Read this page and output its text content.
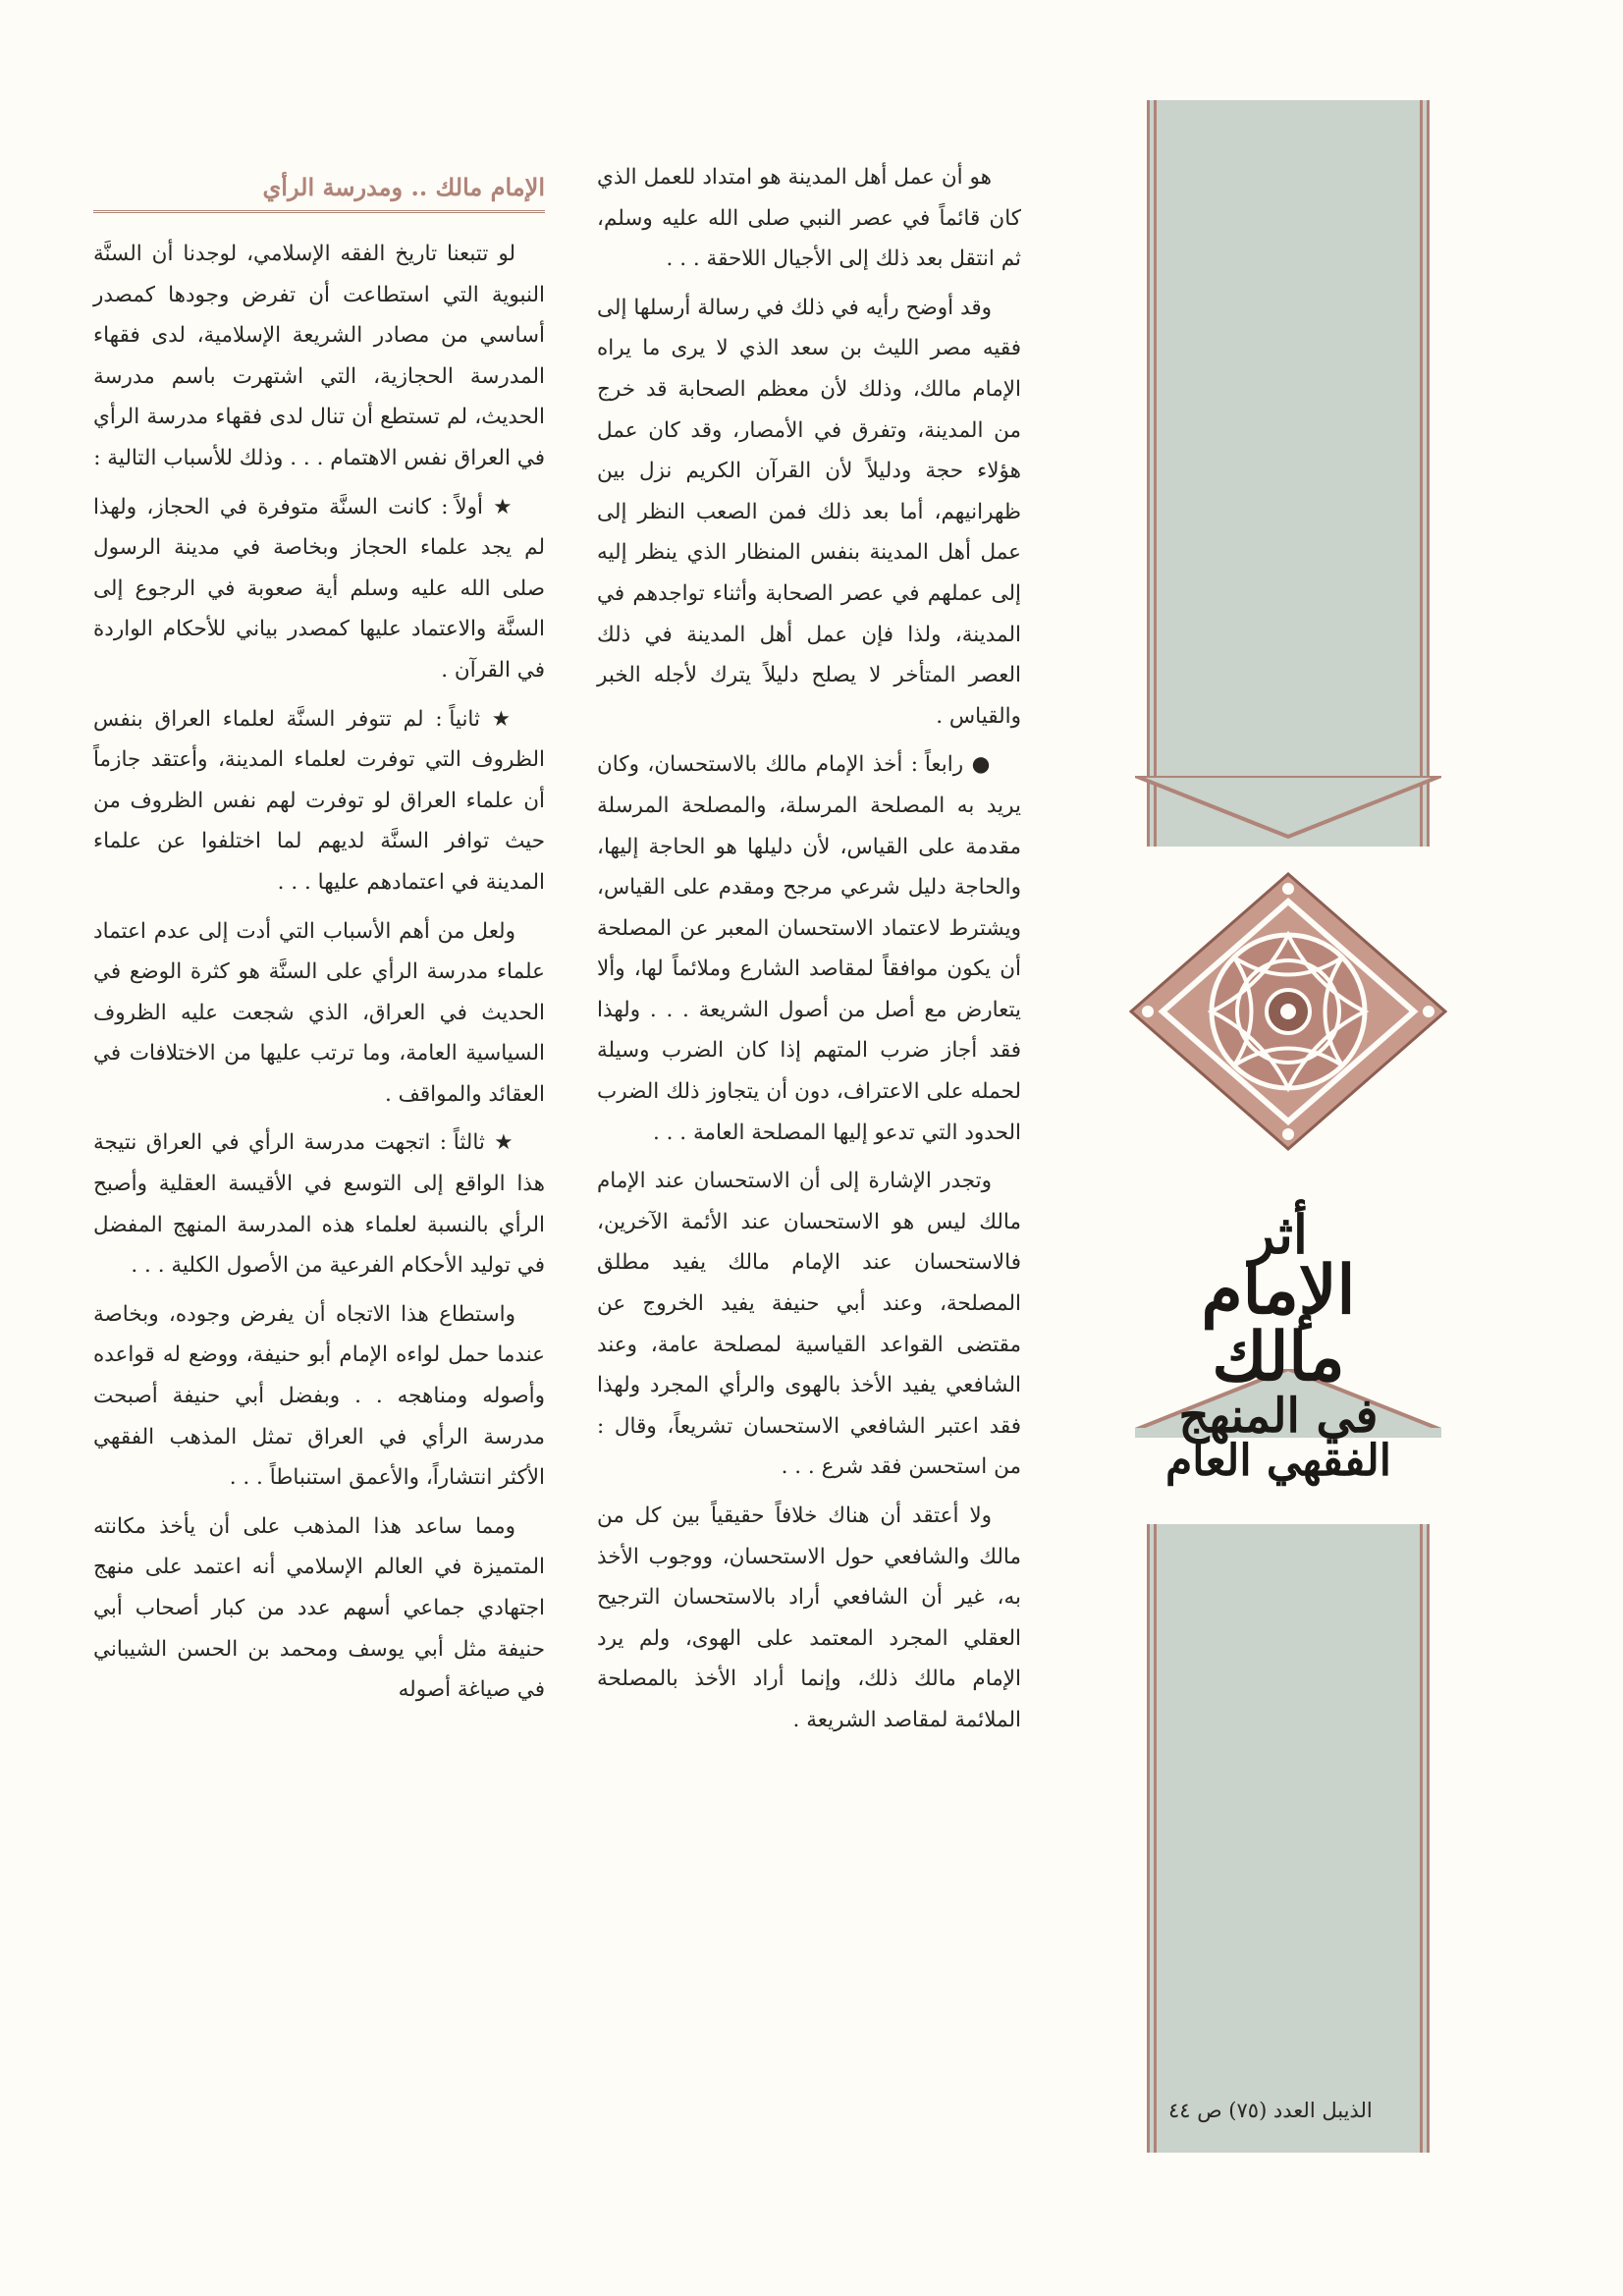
أثر
الإمام مالك
في المنهج
الفقهي العام
الذيبل العدد (٧٥) ص ٤٤

هو أن عمل أهل المدينة هو امتداد للعمل الذي كان قائماً في عصر النبي صلى الله عليه وسلم، ثم انتقل بعد ذلك إلى الأجيال اللاحقة . . .

وقد أوضح رأيه في ذلك في رسالة أرسلها إلى فقيه مصر الليث بن سعد الذي لا يرى ما يراه الإمام مالك، وذلك لأن معظم الصحابة قد خرج من المدينة، وتفرق في الأمصار، وقد كان عمل هؤلاء حجة ودليلاً لأن القرآن الكريم نزل بين ظهرانيهم، أما بعد ذلك فمن الصعب النظر إلى عمل أهل المدينة بنفس المنظار الذي ينظر إليه إلى عملهم في عصر الصحابة وأثناء تواجدهم في المدينة، ولذا فإن عمل أهل المدينة في ذلك العصر المتأخر لا يصلح دليلاً يترك لأجله الخبر والقياس .

● رابعاً : أخذ الإمام مالك بالاستحسان، وكان يريد به المصلحة المرسلة، والمصلحة المرسلة مقدمة على القياس، لأن دليلها هو الحاجة إليها، والحاجة دليل شرعي مرجح ومقدم على القياس، ويشترط لاعتماد الاستحسان المعبر عن المصلحة أن يكون موافقاً لمقاصد الشارع وملائماً لها، وألا يتعارض مع أصل من أصول الشريعة . . . ولهذا فقد أجاز ضرب المتهم إذا كان الضرب وسيلة لحمله على الاعتراف، دون أن يتجاوز ذلك الضرب الحدود التي تدعو إليها المصلحة العامة . . .

وتجدر الإشارة إلى أن الاستحسان عند الإمام مالك ليس هو الاستحسان عند الأئمة الآخرين، فالاستحسان عند الإمام مالك يفيد مطلق المصلحة، وعند أبي حنيفة يفيد الخروج عن مقتضى القواعد القياسية لمصلحة عامة، وعند الشافعي يفيد الأخذ بالهوى والرأي المجرد ولهذا فقد اعتبر الشافعي الاستحسان تشريعاً، وقال : من استحسن فقد شرع . . .

ولا أعتقد أن هناك خلافاً حقيقياً بين كل من مالك والشافعي حول الاستحسان، ووجوب الأخذ به، غير أن الشافعي أراد بالاستحسان الترجيح العقلي المجرد المعتمد على الهوى، ولم يرد الإمام مالك ذلك، وإنما أراد الأخذ بالمصلحة الملائمة لمقاصد الشريعة .

الإمام مالك .. ومدرسة الرأي

لو تتبعنا تاريخ الفقه الإسلامي، لوجدنا أن السنَّة النبوية التي استطاعت أن تفرض وجودها كمصدر أساسي من مصادر الشريعة الإسلامية، لدى فقهاء المدرسة الحجازية، التي اشتهرت باسم مدرسة الحديث، لم تستطع أن تنال لدى فقهاء مدرسة الرأي في العراق نفس الاهتمام . . . وذلك للأسباب التالية :

★ أولاً : كانت السنَّة متوفرة في الحجاز، ولهذا لم يجد علماء الحجاز وبخاصة في مدينة الرسول صلى الله عليه وسلم أية صعوبة في الرجوع إلى السنَّة والاعتماد عليها كمصدر بياني للأحكام الواردة في القرآن .

★ ثانياً : لم تتوفر السنَّة لعلماء العراق بنفس الظروف التي توفرت لعلماء المدينة، وأعتقد جازماً أن علماء العراق لو توفرت لهم نفس الظروف من حيث توافر السنَّة لديهم لما اختلفوا عن علماء المدينة في اعتمادهم عليها . . .

ولعل من أهم الأسباب التي أدت إلى عدم اعتماد علماء مدرسة الرأي على السنَّة هو كثرة الوضع في الحديث في العراق، الذي شجعت عليه الظروف السياسية العامة، وما ترتب عليها من الاختلافات في العقائد والمواقف .

★ ثالثاً : اتجهت مدرسة الرأي في العراق نتيجة هذا الواقع إلى التوسع في الأقيسة العقلية وأصبح الرأي بالنسبة لعلماء هذه المدرسة المنهج المفضل في توليد الأحكام الفرعية من الأصول الكلية . . .

واستطاع هذا الاتجاه أن يفرض وجوده، وبخاصة عندما حمل لواءه الإمام أبو حنيفة، ووضع له قواعده وأصوله ومناهجه . . وبفضل أبي حنيفة أصبحت مدرسة الرأي في العراق تمثل المذهب الفقهي الأكثر انتشاراً، والأعمق استنباطاً . . .

ومما ساعد هذا المذهب على أن يأخذ مكانته المتميزة في العالم الإسلامي أنه اعتمد على منهج اجتهادي جماعي أسهم عدد من كبار أصحاب أبي حنيفة مثل أبي يوسف ومحمد بن الحسن الشيباني في صياغة أصوله
